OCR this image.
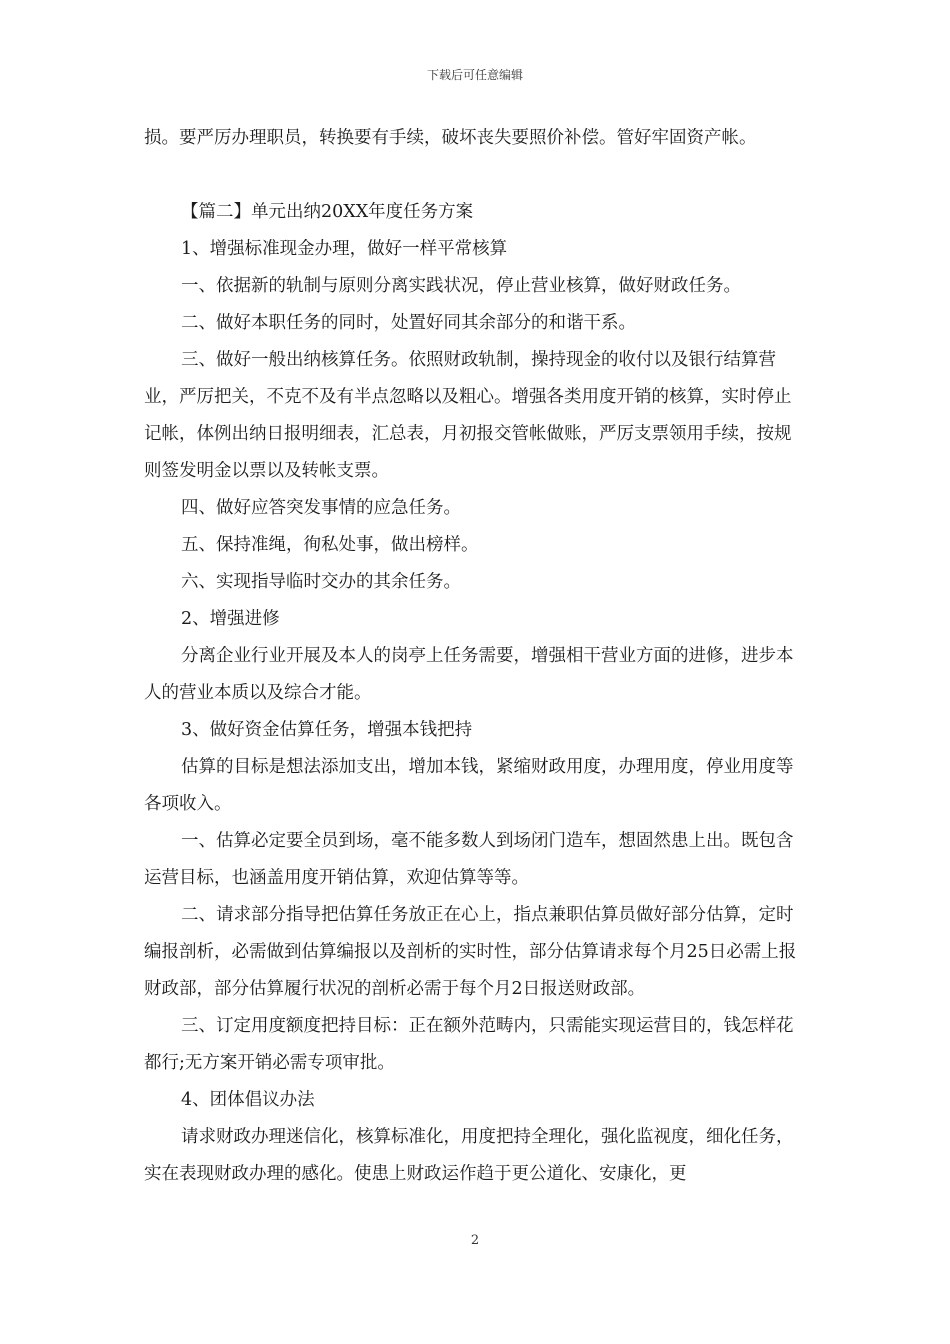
下载后可任意编辑

损。要严厉办理职员，转换要有手续，破坏丧失要照价补偿。管好牢固资产帐。

【篇二】单元出纳20XX年度任务方案

1、增强标准现金办理，做好一样平常核算

一、依据新的轨制与原则分离实践状况，停止营业核算，做好财政任务。

二、做好本职任务的同时，处置好同其余部分的和谐干系。

三、做好一般出纳核算任务。依照财政轨制，操持现金的收付以及银行结算营业，严厉把关，不克不及有半点忽略以及粗心。增强各类用度开销的核算，实时停止记帐，体例出纳日报明细表，汇总表，月初报交管帐做账，严厉支票领用手续，按规则签发明金以票以及转帐支票。

四、做好应答突发事情的应急任务。

五、保持准绳，徇私处事，做出榜样。

六、实现指导临时交办的其余任务。

2、增强进修

分离企业行业开展及本人的岗亭上任务需要，增强相干营业方面的进修，进步本人的营业本质以及综合才能。

3、做好资金估算任务，增强本钱把持

估算的目标是想法添加支出，增加本钱，紧缩财政用度，办理用度，停业用度等各项收入。

一、估算必定要全员到场，毫不能多数人到场闭门造车，想固然患上出。既包含运营目标，也涵盖用度开销估算，欢迎估算等等。

二、请求部分指导把估算任务放正在心上，指点兼职估算员做好部分估算，定时编报剖析，必需做到估算编报以及剖析的实时性，部分估算请求每个月25日必需上报财政部，部分估算履行状况的剖析必需于每个月2日报送财政部。

三、订定用度额度把持目标：正在额外范畴内，只需能实现运营目的，钱怎样花都行;无方案开销必需专项审批。

4、团体倡议办法

请求财政办理迷信化，核算标准化，用度把持全理化，强化监视度，细化任务，实在表现财政办理的感化。使患上财政运作趋于更公道化、安康化，更

2
